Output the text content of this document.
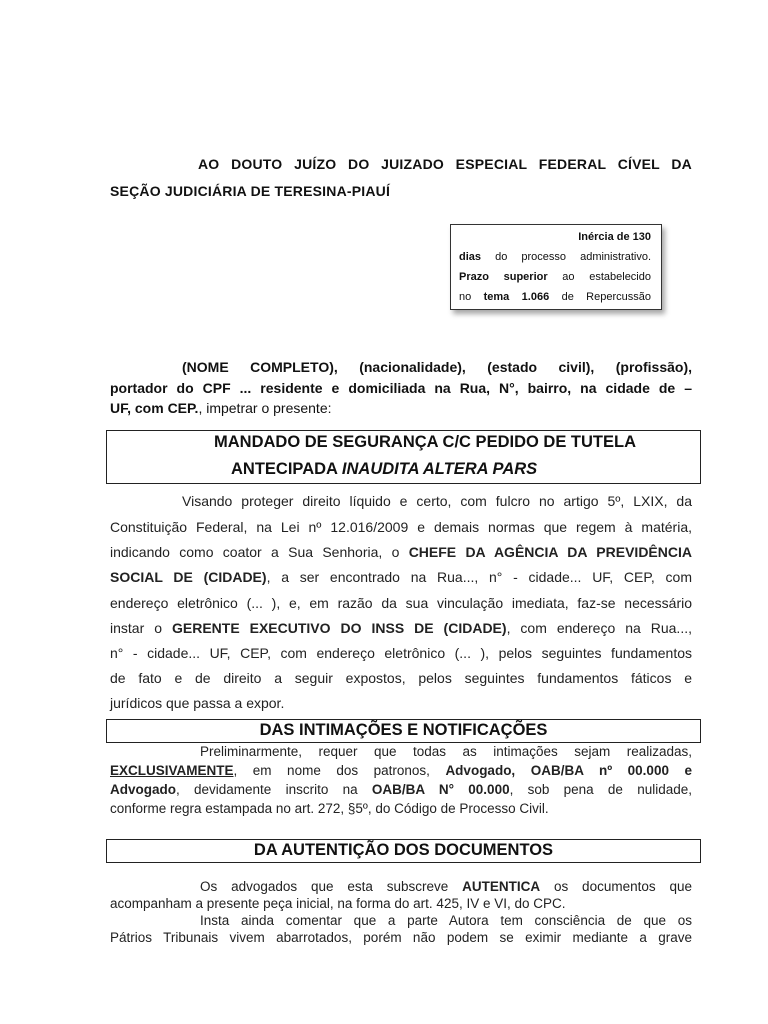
AO DOUTO JUÍZO DO JUIZADO ESPECIAL FEDERAL CÍVEL DA
SEÇÃO JUDICIÁRIA DE TERESINA-PIAUÍ
Inércia de 130
dias do processo administrativo.
Prazo superior ao estabelecido
no tema 1.066 de Repercussão
(NOME COMPLETO), (nacionalidade), (estado civil), (profissão),
portador do CPF ... residente e domiciliada na Rua, N°, bairro, na cidade de –
UF, com CEP., impetrar o presente:
MANDADO DE SEGURANÇA C/C PEDIDO DE TUTELA
ANTECIPADA INAUDITA ALTERA PARS
Visando proteger direito líquido e certo, com fulcro no artigo 5º, LXIX, da
Constituição Federal, na Lei nº 12.016/2009 e demais normas que regem à matéria,
indicando como coator a Sua Senhoria, o CHEFE DA AGÊNCIA DA PREVIDÊNCIA
SOCIAL DE (CIDADE), a ser encontrado na Rua..., n° - cidade... UF, CEP, com
endereço eletrônico (... ), e, em razão da sua vinculação imediata, faz-se necessário
instar o GERENTE EXECUTIVO DO INSS DE (CIDADE), com endereço na Rua...,
n° - cidade... UF, CEP, com endereço eletrônico (... ), pelos seguintes fundamentos
de fato e de direito a seguir expostos, pelos seguintes fundamentos fáticos e
jurídicos que passa a expor.
DAS INTIMAÇÕES E NOTIFICAÇÕES
Preliminarmente, requer que todas as intimações sejam realizadas,
EXCLUSIVAMENTE, em nome dos patronos, Advogado, OAB/BA nº 00.000 e
Advogado, devidamente inscrito na OAB/BA N° 00.000, sob pena de nulidade,
conforme regra estampada no art. 272, §5º, do Código de Processo Civil.
DA AUTENTIÇÃO DOS DOCUMENTOS
Os advogados que esta subscreve AUTENTICA os documentos que
acompanham a presente peça inicial, na forma do art. 425, IV e VI, do CPC.
Insta ainda comentar que a parte Autora tem consciência de que os
Pátrios Tribunais vivem abarrotados, porém não podem se eximir mediante a grave
